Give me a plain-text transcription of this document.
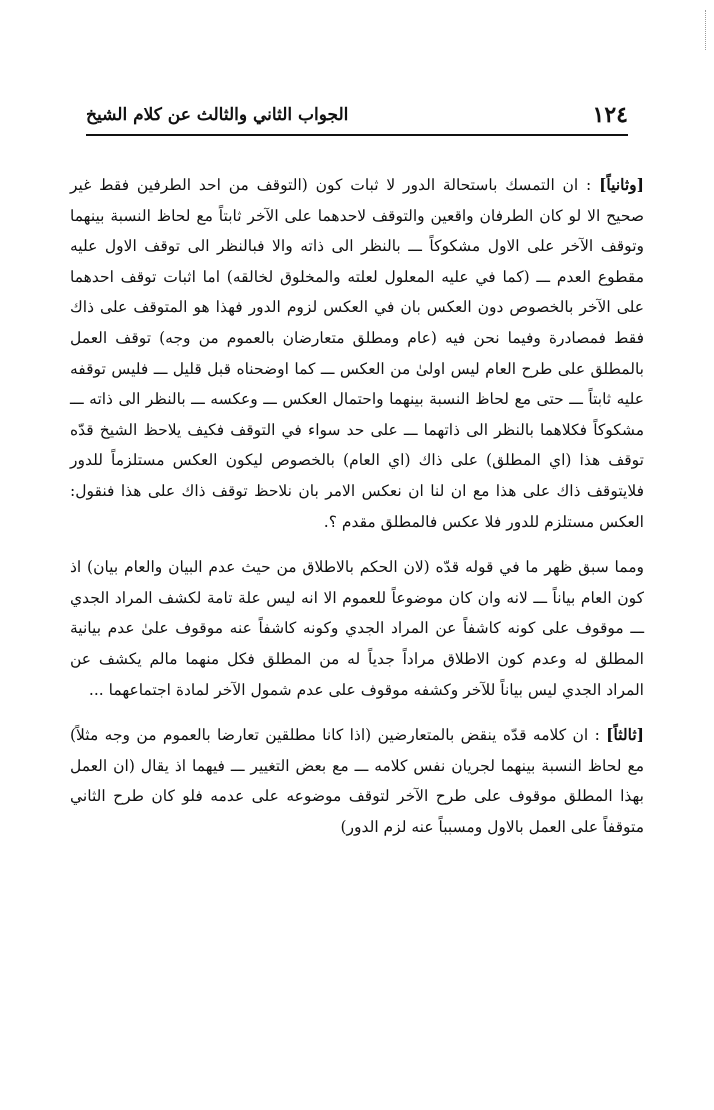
١٢٤
الجواب الثاني والثالث عن كلام الشيخ

[وثانياً] : ان التمسك باستحالة الدور لا ثبات كون (التوقف من احد الطرفين فقط غير صحيح الا لو كان الطرفان واقعين والتوقف لاحدهما على الآخر ثابتاً مع لحاظ النسبة بينهما وتوقف الآخر على الاول مشكوكاً ـــ بالنظر الى ذاته والا فبالنظر الى توقف الاول عليه مقطوع العدم ـــ (كما في عليه المعلول لعلته والمخلوق لخالقه) اما اثبات توقف احدهما على الآخر بالخصوص دون العكس بان في العكس لزوم الدور فهذا هو المتوقف على ذاك فقط فمصادرة وفيما نحن فيه (عام ومطلق متعارضان بالعموم من وجه) توقف العمل بالمطلق على طرح العام ليس اولىٰ من العكس ـــ كما اوضحناه قبل قليل ـــ فليس توقفه عليه ثابتاً ـــ حتى مع لحاظ النسبة بينهما واحتمال العكس ـــ وعكسه ـــ بالنظر الى ذاته ـــ مشكوكاً فكلاهما بالنظر الى ذاتهما ـــ على حد سواء في التوقف فكيف يلاحظ الشيخ قدّه توقف هذا (اي المطلق) على ذاك (اي العام) بالخصوص ليكون العكس مستلزماً للدور فلايتوقف ذاك على هذا مع ان لنا ان نعكس الامر بان نلاحظ توقف ذاك على هذا فنقول: العكس مستلزم للدور فلا عكس فالمطلق مقدم ؟.

ومما سبق ظهر ما في قوله قدّه (لان الحكم بالاطلاق من حيث عدم البيان والعام بيان) اذ كون العام بياناً ـــ لانه وان كان موضوعاً للعموم الا انه ليس علة تامة لكشف المراد الجدي ـــ موقوف على كونه كاشفاً عن المراد الجدي وكونه كاشفاً عنه موقوف علىٰ عدم بيانية المطلق له وعدم كون الاطلاق مراداً جدياً له من المطلق فكل منهما مالم يكشف عن المراد الجدي ليس بياناً للآخر وكشفه موقوف على عدم شمول الآخر لمادة اجتماعهما ...

[ثالثاً] : ان كلامه قدّه ينقض بالمتعارضين (اذا كانا مطلقين تعارضا بالعموم من وجه مثلاً) مع لحاظ النسبة بينهما لجريان نفس كلامه ـــ مع بعض التغيير ـــ فيهما اذ يقال (ان العمل بهذا المطلق موقوف على طرح الآخر لتوقف موضوعه على عدمه فلو كان طرح الثاني متوقفاً على العمل بالاول ومسبباً عنه لزم الدور)
